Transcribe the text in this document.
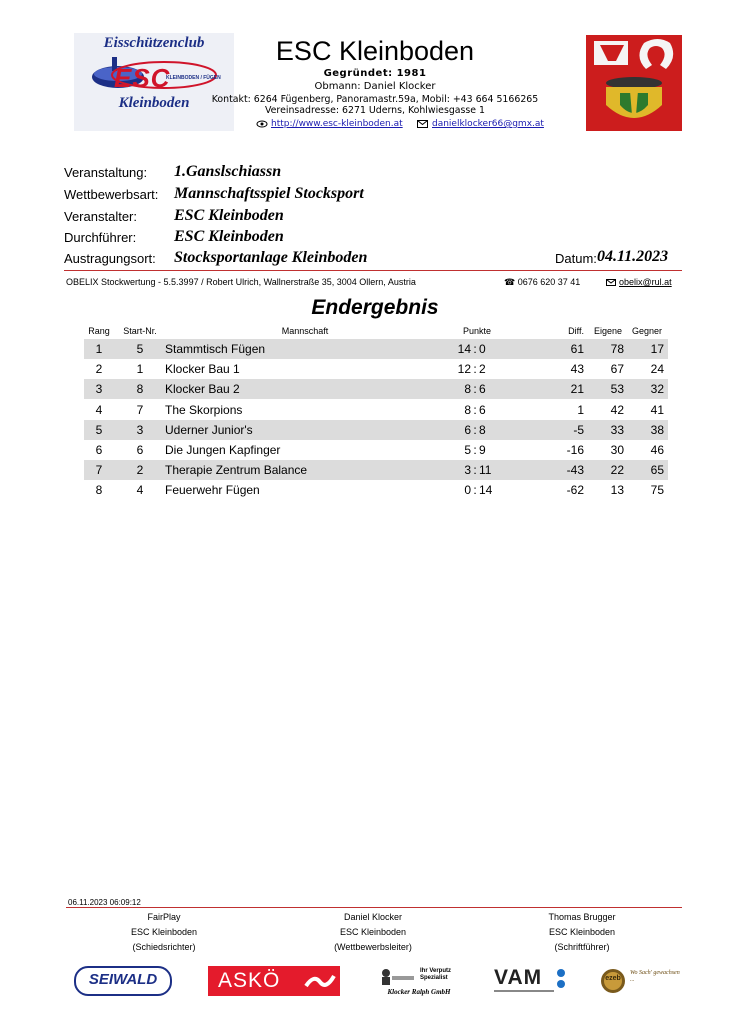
Eisschützenclub
ESC
KLEINBODEN / FÜGEN
Kleinboden
ESC Kleinboden
Gegründet: 1981
Obmann: Daniel Klocker
Kontakt: 6264 Fügenberg, Panoramastr.59a, Mobil: +43 664 5166265
Vereinsadresse: 6271 Uderns, Kohlwiesgasse 1
http://www.esc-kleinboden.at	danielklocker66@gmx.at
Veranstaltung: 1.Ganslschiassn
Wettbewerbsart: Mannschaftsspiel Stocksport
Veranstalter: ESC Kleinboden
Durchführer: ESC Kleinboden
Austragungsort: Stocksportanlage Kleinboden	Datum: 04.11.2023
OBELIX Stockwertung - 5.5.3997 / Robert Ulrich, Wallnerstraße 35, 3004 Ollern, Austria	☎ 0676 620 37 41	obelix@rul.at
Endergebnis
Rang	Start-Nr.	Mannschaft	Punkte	Diff.	Eigene	Gegner
1	5	Stammtisch Fügen	14 : 0	61	78	17
2	1	Klocker Bau 1	12 : 2	43	67	24
3	8	Klocker Bau 2	8 : 6	21	53	32
4	7	The Skorpions	8 : 6	1	42	41
5	3	Uderner Junior's	6 : 8	-5	33	38
6	6	Die Jungen Kapfinger	5 : 9	-16	30	46
7	2	Therapie Zentrum Balance	3 : 11	-43	22	65
8	4	Feuerwehr Fügen	0 : 14	-62	13	75
06.11.2023 06:09:12
FairPlay
ESC Kleinboden
(Schiedsrichter)
Daniel Klocker
ESC Kleinboden
(Wettbewerbsleiter)
Thomas Brugger
ESC Kleinboden
(Schriftführer)
SEIWALD	ASKÖ	Ihr Verputz Spezialist
Klocker Ralph GmbH
VAM	ezeb
Wo Sach' gewachsen ...
